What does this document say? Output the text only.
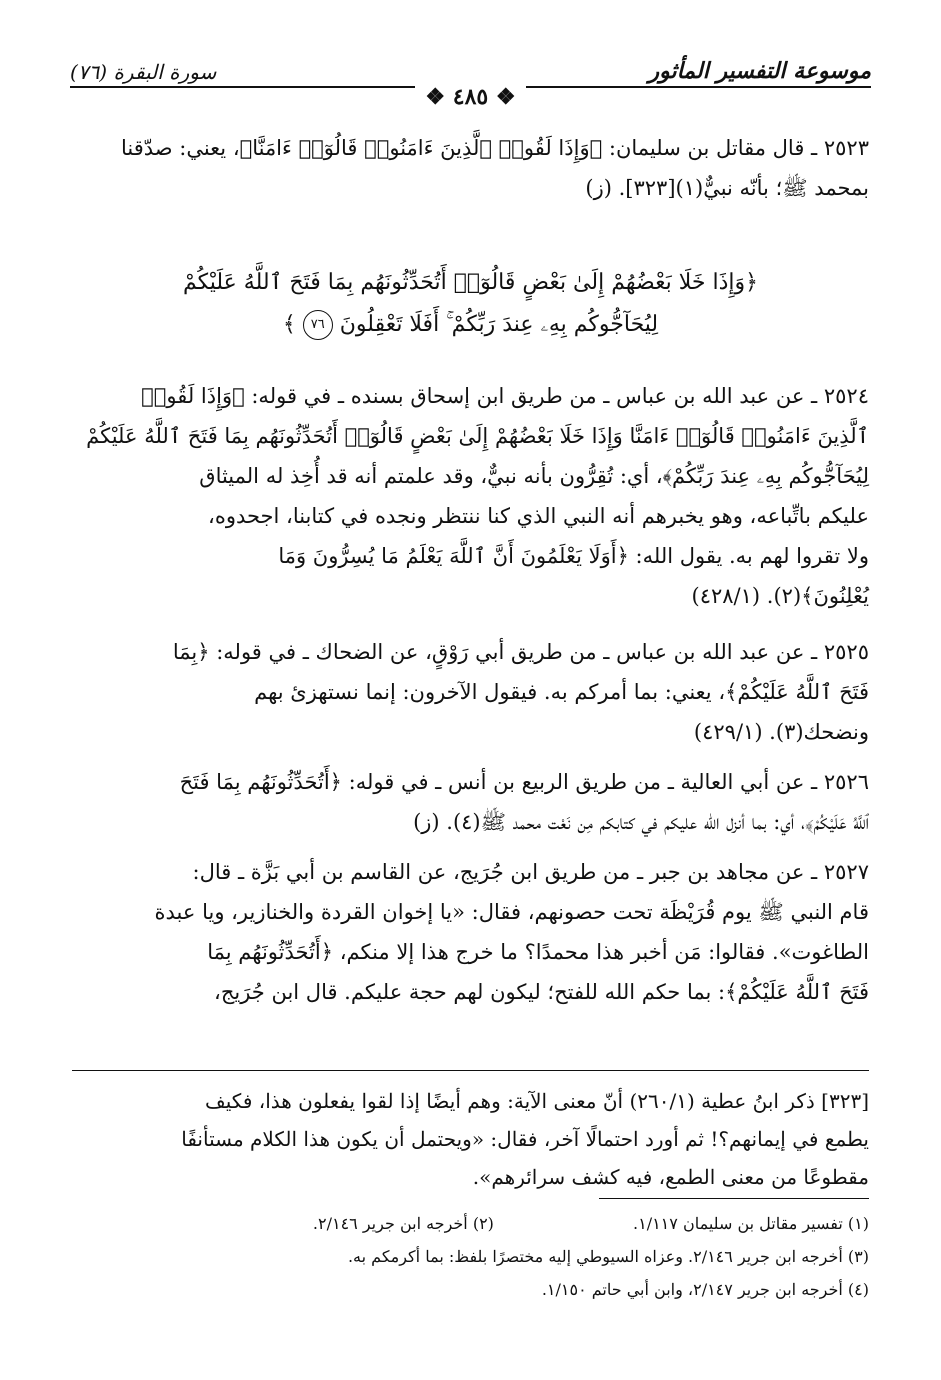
موسوعة التفسير المأثور
سورة البقرة (٧٦)
❖ ٤٨٥ ❖
٢٥٢٣ ـ قال مقاتل بن سليمان: ﴿وَإِذَا لَقُوا۟ ٱلَّذِينَ ءَامَنُوا۟ قَالُوٓا۟ ءَامَنَّا﴾، يعني: صدّقنا
بمحمد ﷺ؛ بأنّه نبيٌّ(١)[٣٢٣]. (ز)
﴿وَإِذَا خَلَا بَعْضُهُمْ إِلَىٰ بَعْضٍ قَالُوٓا۟ أَتُحَدِّثُونَهُم بِمَا فَتَحَ ٱللَّهُ عَلَيْكُمْ
لِيُحَآجُّوكُم بِهِۦ عِندَ رَبِّكُمْ ۚ أَفَلَا تَعْقِلُونَ ٧٦ ﴾
٢٥٢٤ ـ عن عبد الله بن عباس ـ من طريق ابن إسحاق بسنده ـ في قوله: ﴿وَإِذَا لَقُوا۟
ٱلَّذِينَ ءَامَنُوا۟ قَالُوٓا۟ ءَامَنَّا وَإِذَا خَلَا بَعْضُهُمْ إِلَىٰ بَعْضٍ قَالُوٓا۟ أَتُحَدِّثُونَهُم بِمَا فَتَحَ ٱللَّهُ عَلَيْكُمْ
لِيُحَآجُّوكُم بِهِۦ عِندَ رَبِّكُمْ﴾، أي: تُقِرُّون بأنه نبيٌّ، وقد علمتم أنه قد أُخِذ له الميثاق
عليكم باتِّباعه، وهو يخبرهم أنه النبي الذي كنا ننتظر ونجده في كتابنا، اجحدوه،
ولا تقروا لهم به. يقول الله: ﴿أَوَلَا يَعْلَمُونَ أَنَّ ٱللَّهَ يَعْلَمُ مَا يُسِرُّونَ وَمَا
يُعْلِنُونَ﴾(٢). (٤٢٨/١)
٢٥٢٥ ـ عن عبد الله بن عباس ـ من طريق أبي رَوْقٍ، عن الضحاك ـ في قوله: ﴿بِمَا
فَتَحَ ٱللَّهُ عَلَيْكُمْ﴾، يعني: بما أمركم به. فيقول الآخرون: إنما نستهزئ بهم
ونضحك(٣). (٤٢٩/١)
٢٥٢٦ ـ عن أبي العالية ـ من طريق الربيع بن أنس ـ في قوله: ﴿أَتُحَدِّثُونَهُم بِمَا فَتَحَ
ٱللَّهُ عَلَيْكُمْ﴾، أي: بما أنزل الله عليكم في كتابكم مِن نَعْت محمد ﷺ(٤). (ز)
٢٥٢٧ ـ عن مجاهد بن جبر ـ من طريق ابن جُرَيج، عن القاسم بن أبي بَزَّة ـ قال:
قام النبي ﷺ يوم قُرَيْظَة تحت حصونهم، فقال: «يا إخوان القردة والخنازير، ويا عبدة
الطاغوت». فقالوا: مَن أخبر هذا محمدًا؟ ما خرج هذا إلا منكم، ﴿أَتُحَدِّثُونَهُم بِمَا
فَتَحَ ٱللَّهُ عَلَيْكُمْ﴾: بما حكم الله للفتح؛ ليكون لهم حجة عليكم. قال ابن جُرَيج،
[٣٢٣] ذكر ابنُ عطية (٢٦٠/١) أنّ معنى الآية: وهم أيضًا إذا لقوا يفعلون هذا، فكيف
يطمع في إيمانهم؟! ثم أورد احتمالًا آخر، فقال: «ويحتمل أن يكون هذا الكلام مستأنفًا
مقطوعًا من معنى الطمع، فيه كشف سرائرهم».
(١) تفسير مقاتل بن سليمان ١/١١٧. (٢) أخرجه ابن جرير ٢/١٤٦.
(٣) أخرجه ابن جرير ٢/١٤٦. وعزاه السيوطي إليه مختصرًا بلفظ: بما أكرمكم به.
(٤) أخرجه ابن جرير ٢/١٤٧، وابن أبي حاتم ١/١٥٠.
